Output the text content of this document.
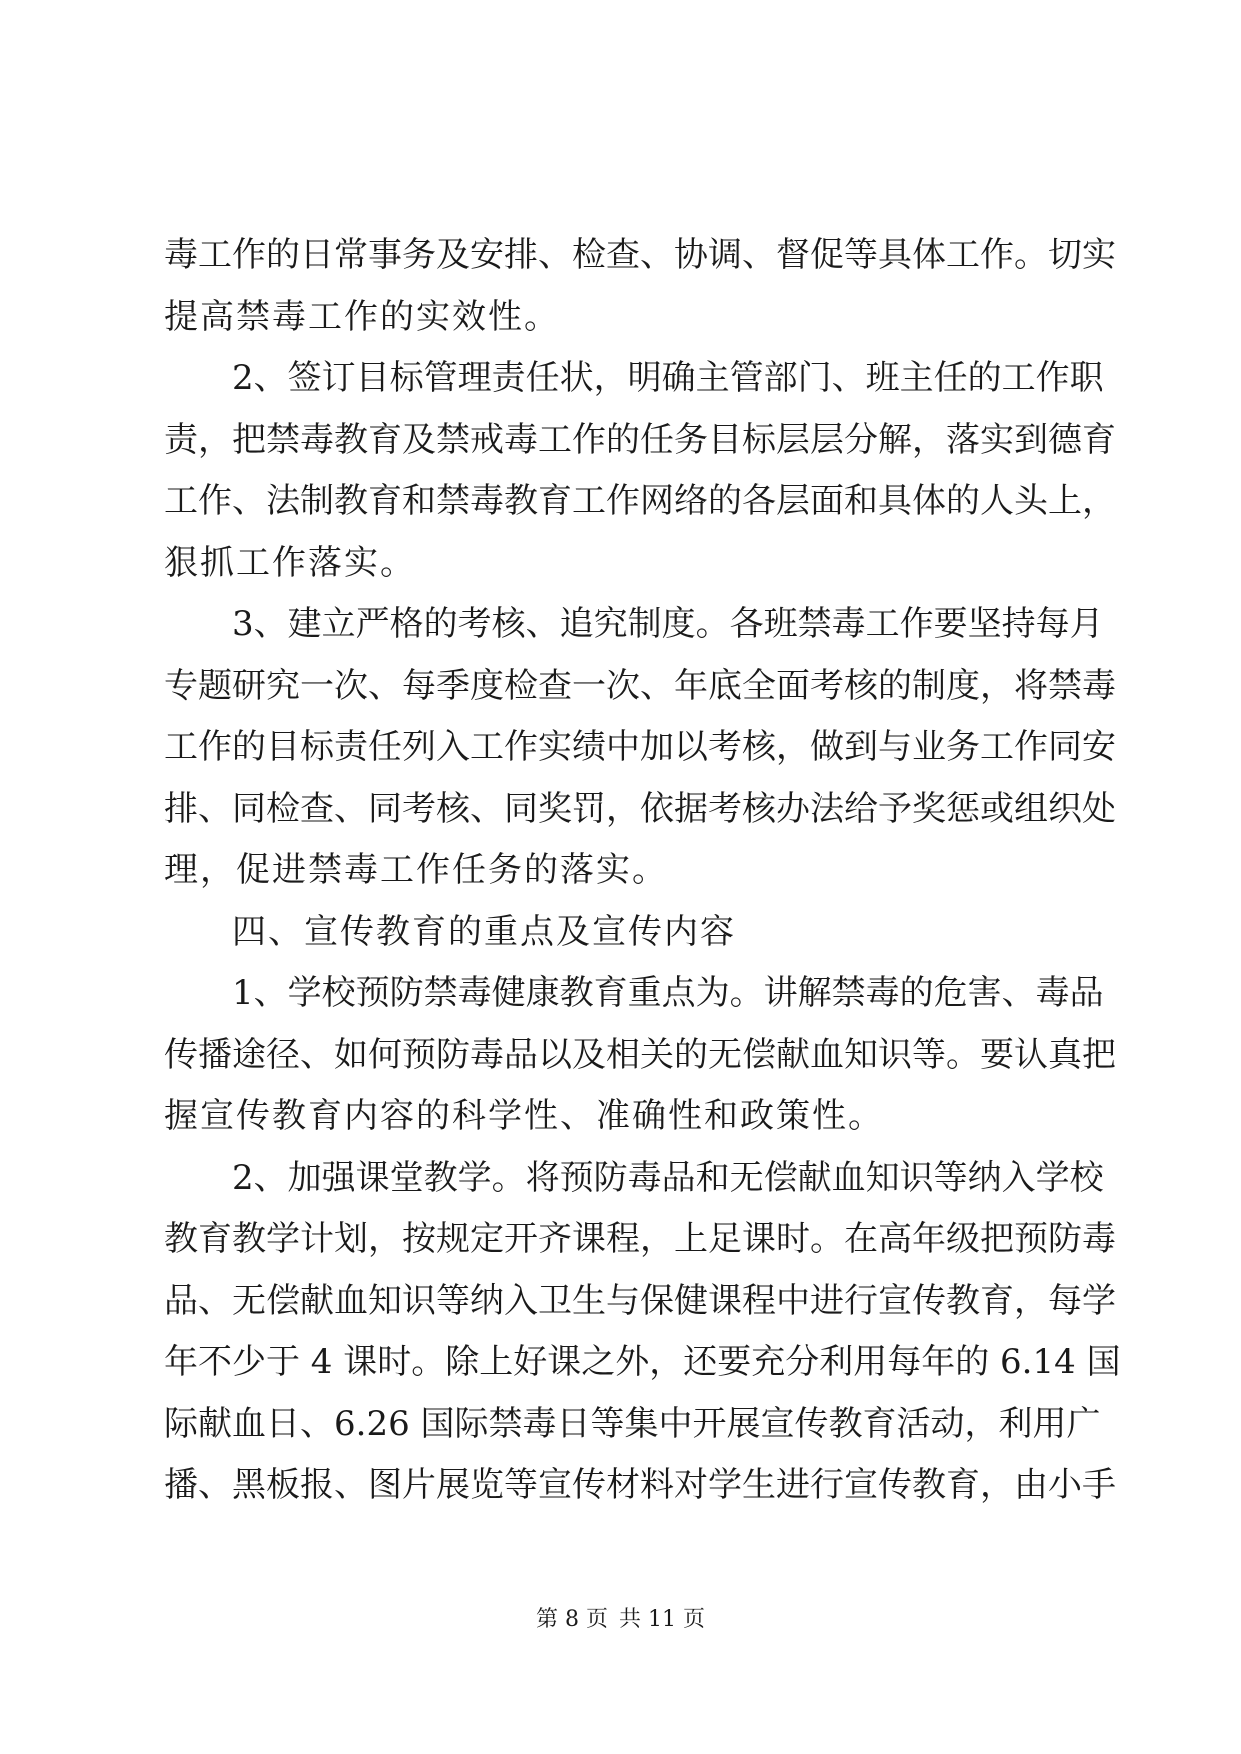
毒工作的日常事务及安排、检查、协调、督促等具体工作。切实
提高禁毒工作的实效性。
2、签订目标管理责任状，明确主管部门、班主任的工作职
责，把禁毒教育及禁戒毒工作的任务目标层层分解，落实到德育
工作、法制教育和禁毒教育工作网络的各层面和具体的人头上，
狠抓工作落实。
3、建立严格的考核、追究制度。各班禁毒工作要坚持每月
专题研究一次、每季度检查一次、年底全面考核的制度，将禁毒
工作的目标责任列入工作实绩中加以考核，做到与业务工作同安
排、同检查、同考核、同奖罚，依据考核办法给予奖惩或组织处
理，促进禁毒工作任务的落实。
四、宣传教育的重点及宣传内容
1、学校预防禁毒健康教育重点为。讲解禁毒的危害、毒品
传播途径、如何预防毒品以及相关的无偿献血知识等。要认真把
握宣传教育内容的科学性、准确性和政策性。
2、加强课堂教学。将预防毒品和无偿献血知识等纳入学校
教育教学计划，按规定开齐课程，上足课时。在高年级把预防毒
品、无偿献血知识等纳入卫生与保健课程中进行宣传教育，每学
年不少于 4 课时。除上好课之外，还要充分利用每年的 6.14 国
际献血日、6.26 国际禁毒日等集中开展宣传教育活动，利用广
播、黑板报、图片展览等宣传材料对学生进行宣传教育，由小手
第 8 页 共 11 页
